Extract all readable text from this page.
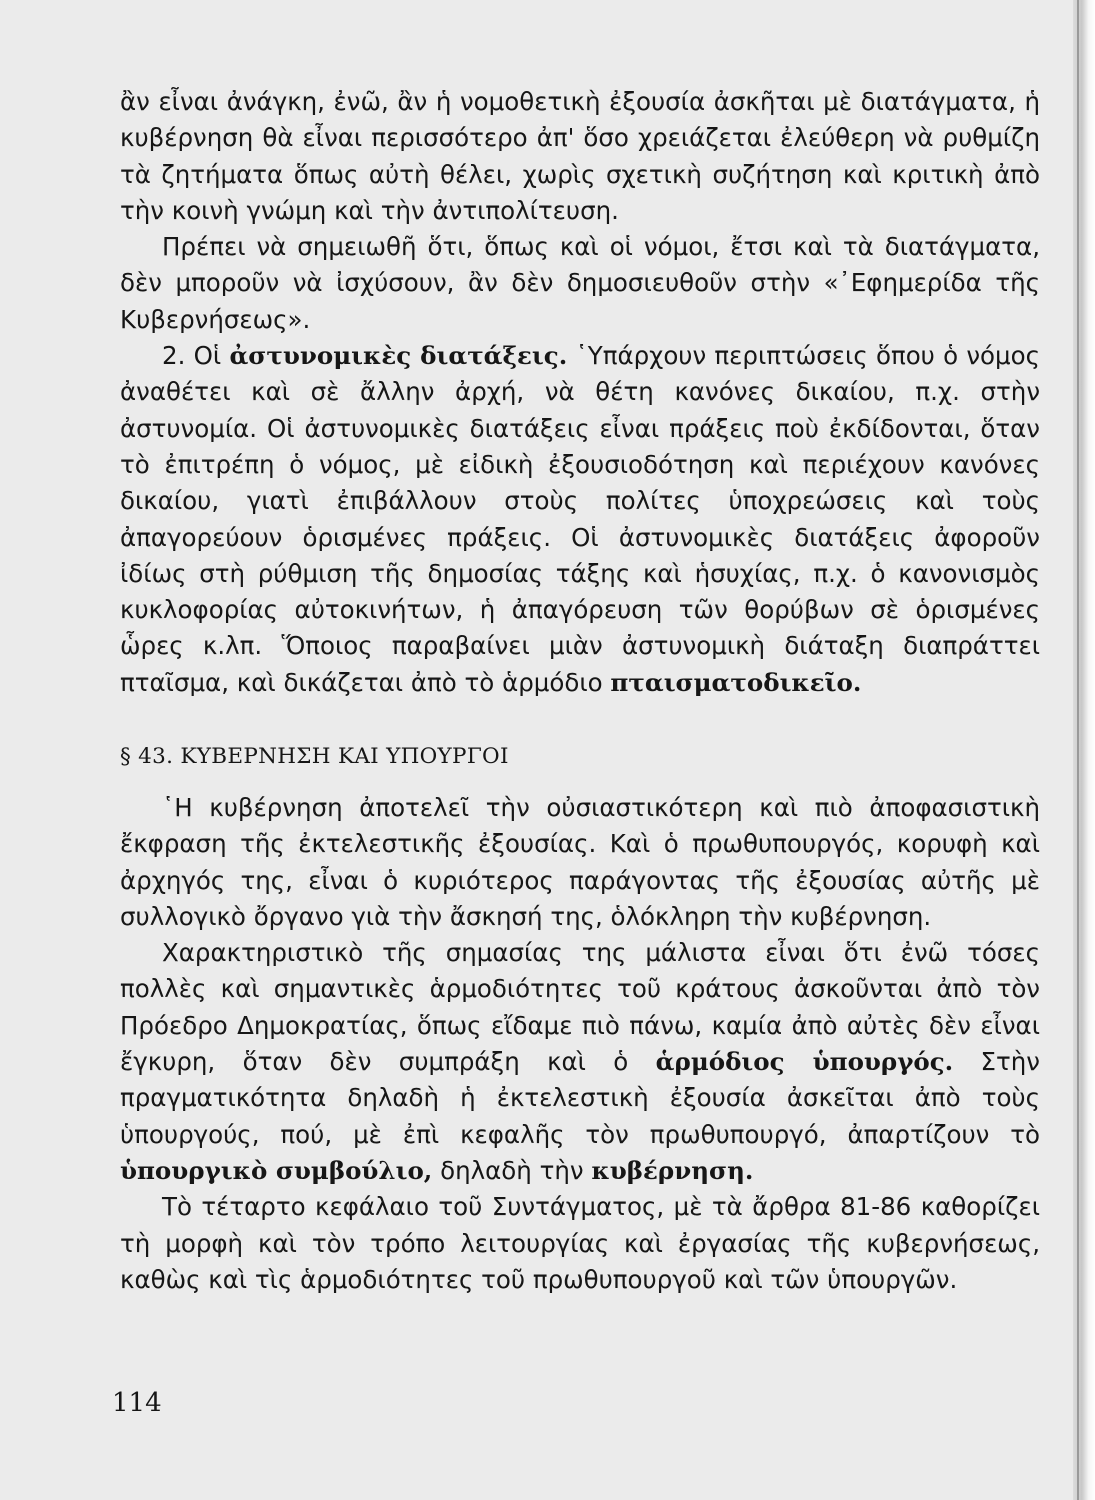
ἂν εἶναι ἀνάγκη, ἐνῶ, ἂν ἡ νομοθετικὴ ἐξουσία ἀσκῆται μὲ διατάγματα, ἡ κυβέρνηση θὰ εἶναι περισσότερο ἀπ' ὅσο χρειάζεται ἐλεύθερη νὰ ρυθμίζη τὰ ζητήματα ὅπως αὐτὴ θέλει, χωρὶς σχετικὴ συζήτηση καὶ κριτικὴ ἀπὸ τὴν κοινὴ γνώμη καὶ τὴν ἀντιπολίτευση.

Πρέπει νὰ σημειωθῆ ὅτι, ὅπως καὶ οἱ νόμοι, ἔτσι καὶ τὰ διατάγματα, δὲν μποροῦν νὰ ἰσχύσουν, ἂν δὲν δημοσιευθοῦν στὴν «᾽Εφημερίδα τῆς Κυβερνήσεως».

2. Οἱ ἀστυνομικὲς διατάξεις. ῾Υπάρχουν περιπτώσεις ὅπου ὁ νόμος ἀναθέτει καὶ σὲ ἄλλην ἀρχή, νὰ θέτη κανόνες δικαίου, π.χ. στὴν ἀστυνομία. Οἱ ἀστυνομικὲς διατάξεις εἶναι πράξεις ποὺ ἐκδίδονται, ὅταν τὸ ἐπιτρέπη ὁ νόμος, μὲ εἰδικὴ ἐξουσιοδότηση καὶ περιέχουν κανόνες δικαίου, γιατὶ ἐπιβάλλουν στοὺς πολίτες ὑποχρεώσεις καὶ τοὺς ἀπαγορεύουν ὁρισμένες πράξεις. Οἱ ἀστυνομικὲς διατάξεις ἀφοροῦν ἰδίως στὴ ρύθμιση τῆς δημοσίας τάξης καὶ ἡσυχίας, π.χ. ὁ κανονισμὸς κυκλοφορίας αὐτοκινήτων, ἡ ἀπαγόρευση τῶν θορύβων σὲ ὁρισμένες ὧρες κ.λπ. Ὅποιος παραβαίνει μιὰν ἀστυνομικὴ διάταξη διαπράττει πταῖσμα, καὶ δικάζεται ἀπὸ τὸ ἁρμόδιο πταισματοδικεῖο.

§ 43. ΚΥΒΕΡΝΗΣΗ ΚΑΙ ΥΠΟΥΡΓΟΙ

῾Η κυβέρνηση ἀποτελεῖ τὴν οὐσιαστικότερη καὶ πιὸ ἀποφασιστικὴ ἔκφραση τῆς ἐκτελεστικῆς ἐξουσίας. Καὶ ὁ πρωθυπουργός, κορυφὴ καὶ ἀρχηγός της, εἶναι ὁ κυριότερος παράγοντας τῆς ἐξουσίας αὐτῆς μὲ συλλογικὸ ὄργανο γιὰ τὴν ἄσκησή της, ὁλόκληρη τὴν κυβέρνηση.

Χαρακτηριστικὸ τῆς σημασίας της μάλιστα εἶναι ὅτι ἐνῶ τόσες πολλὲς καὶ σημαντικὲς ἁρμοδιότητες τοῦ κράτους ἀσκοῦνται ἀπὸ τὸν Πρόεδρο Δημοκρατίας, ὅπως εἴδαμε πιὸ πάνω, καμία ἀπὸ αὐτὲς δὲν εἶναι ἔγκυρη, ὅταν δὲν συμπράξη καὶ ὁ ἁρμόδιος ὑπουργός. Στὴν πραγματικότητα δηλαδὴ ἡ ἐκτελεστικὴ ἐξουσία ἀσκεῖται ἀπὸ τοὺς ὑπουργούς, πού, μὲ ἐπὶ κεφαλῆς τὸν πρωθυπουργό, ἀπαρτίζουν τὸ ὑπουργικὸ συμβούλιο, δηλαδὴ τὴν κυβέρνηση.

Τὸ τέταρτο κεφάλαιο τοῦ Συντάγματος, μὲ τὰ ἄρθρα 81-86 καθορίζει τὴ μορφὴ καὶ τὸν τρόπο λειτουργίας καὶ ἐργασίας τῆς κυβερνήσεως, καθὼς καὶ τὶς ἁρμοδιότητες τοῦ πρωθυπουργοῦ καὶ τῶν ὑπουργῶν.

114
